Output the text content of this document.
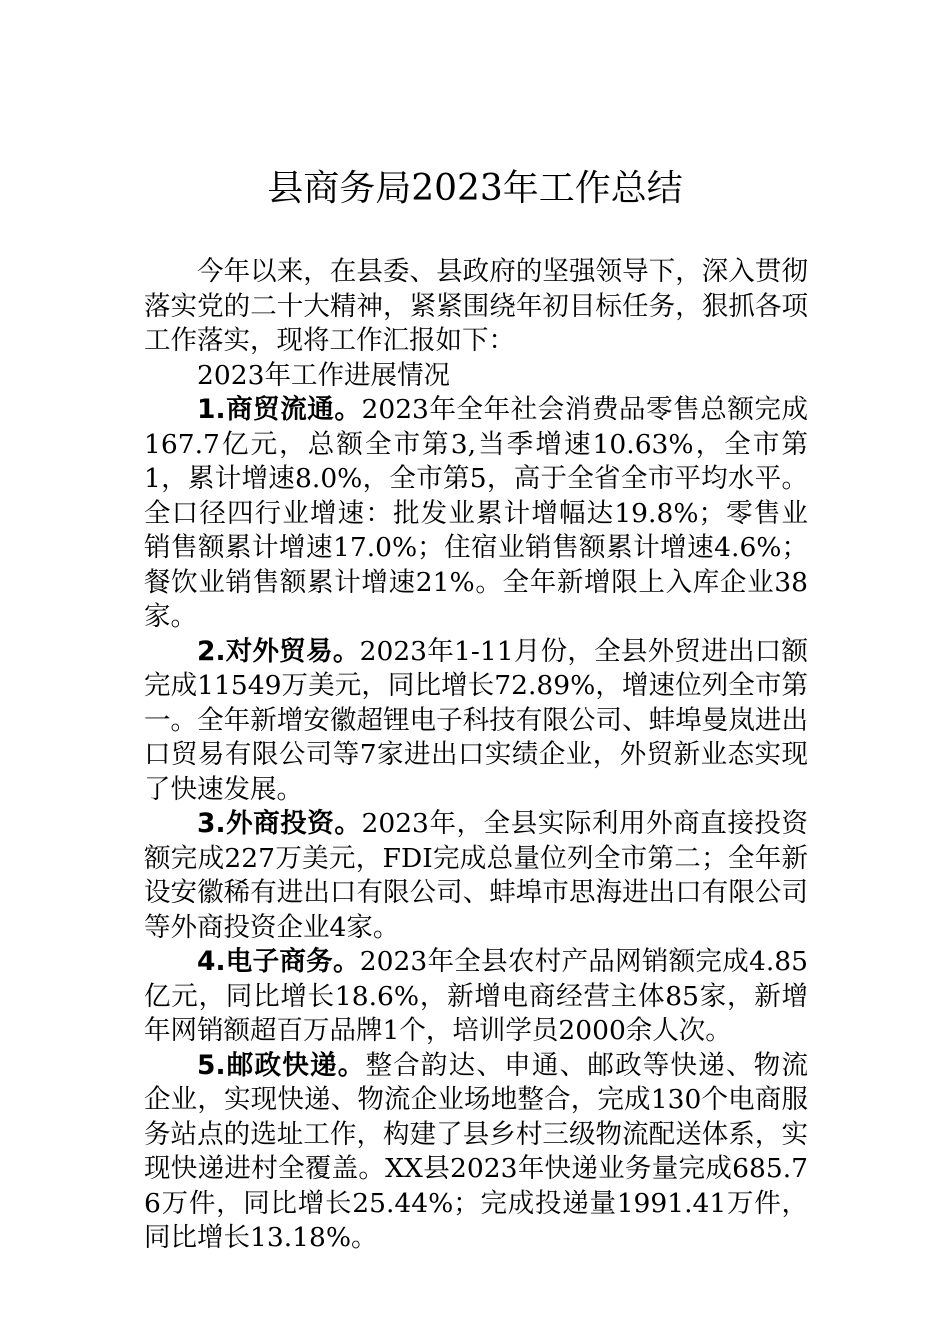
县商务局2023年工作总结

今年以来，在县委、县政府的坚强领导下，深入贯彻落实党的二十大精神，紧紧围绕年初目标任务，狠抓各项工作落实，现将工作汇报如下：

2023年工作进展情况

1.商贸流通。2023年全年社会消费品零售总额完成167.7亿元，总额全市第3,当季增速10.63%，全市第1，累计增速8.0%，全市第5，高于全省全市平均水平。全口径四行业增速：批发业累计增幅达19.8%；零售业销售额累计增速17.0%；住宿业销售额累计增速4.6%；餐饮业销售额累计增速21%。全年新增限上入库企业38家。

2.对外贸易。2023年1-11月份，全县外贸进出口额完成11549万美元，同比增长72.89%，增速位列全市第一。全年新增安徽超锂电子科技有限公司、蚌埠曼岚进出口贸易有限公司等7家进出口实绩企业，外贸新业态实现了快速发展。

3.外商投资。2023年，全县实际利用外商直接投资额完成227万美元，FDI完成总量位列全市第二；全年新设安徽稀有进出口有限公司、蚌埠市思海进出口有限公司等外商投资企业4家。

4.电子商务。2023年全县农村产品网销额完成4.85亿元，同比增长18.6%，新增电商经营主体85家，新增年网销额超百万品牌1个，培训学员2000余人次。

5.邮政快递。整合韵达、申通、邮政等快递、物流企业，实现快递、物流企业场地整合，完成130个电商服务站点的选址工作，构建了县乡村三级物流配送体系，实现快递进村全覆盖。XX县2023年快递业务量完成685.76万件，同比增长25.44%；完成投递量1991.41万件，同比增长13.18%。
